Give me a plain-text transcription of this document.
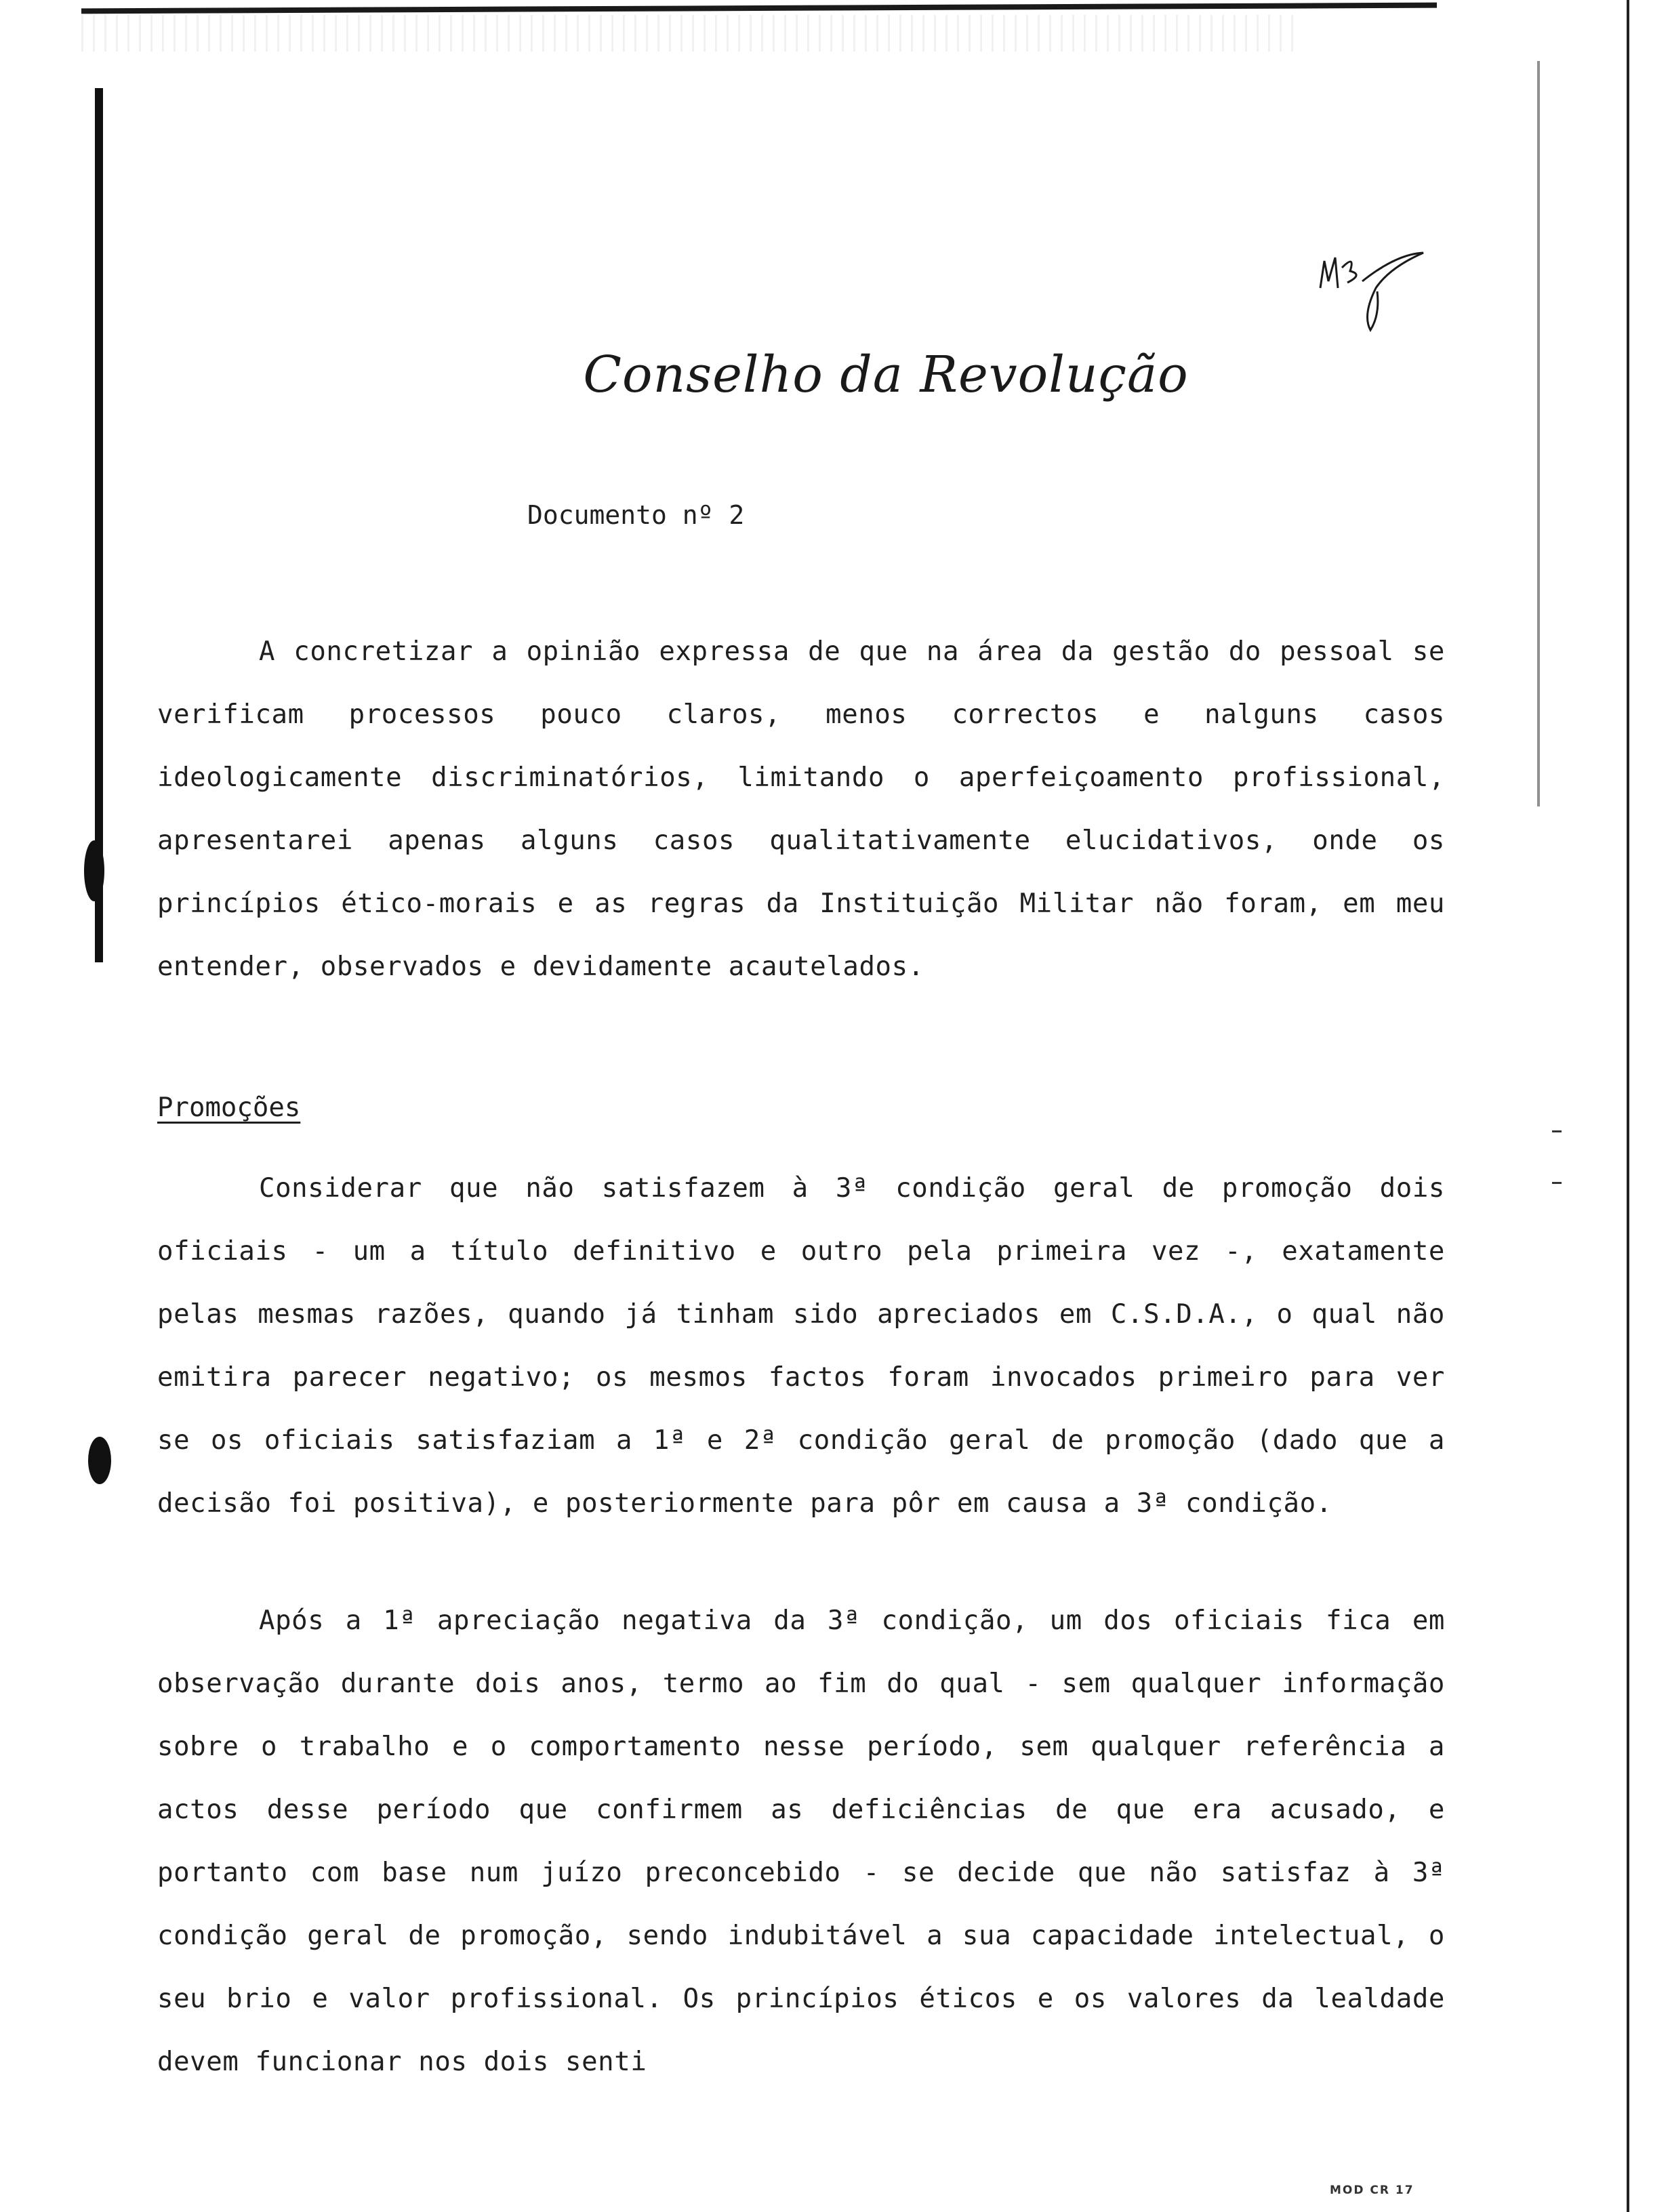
Conselho da Revolução
Documento nº 2

A concretizar a opinião expressa de que na área da gestão do pessoal se verificam processos pouco claros, menos correctos e nalguns casos ideologicamente discriminatórios, limitando o aperfeiçoamento profissional, apresentarei apenas alguns casos qualitativamente elucidativos, onde os princípios ético-morais e as regras da Instituição Militar não foram, em meu entender, observados e devidamente acautelados.

Promoções

Considerar que não satisfazem à 3ª condição geral de promoção dois oficiais - um a título definitivo e outro pela primeira vez -, exatamente pelas mesmas razões, quando já tinham sido apreciados em C.S.D.A., o qual não emitira parecer negativo; os mesmos factos foram invocados primeiro para ver se os oficiais satisfaziam a 1ª e 2ª condição geral de promoção (dado que a decisão foi positiva), e posteriormente para pôr em causa a 3ª condição.

Após a 1ª apreciação negativa da 3ª condição, um dos oficiais fica em observação durante dois anos, termo ao fim do qual - sem qualquer informação sobre o trabalho e o comportamento nesse período, sem qualquer referência a actos desse período que confirmem as deficiências de que era acusado, e portanto com base num juízo preconcebido - se decide que não satisfaz à 3ª condição geral de promoção, sendo indubitável a sua capacidade intelectual, o seu brio e valor profissional. Os princípios éticos e os valores da lealdade devem funcionar nos dois senti

MOD CR 17
